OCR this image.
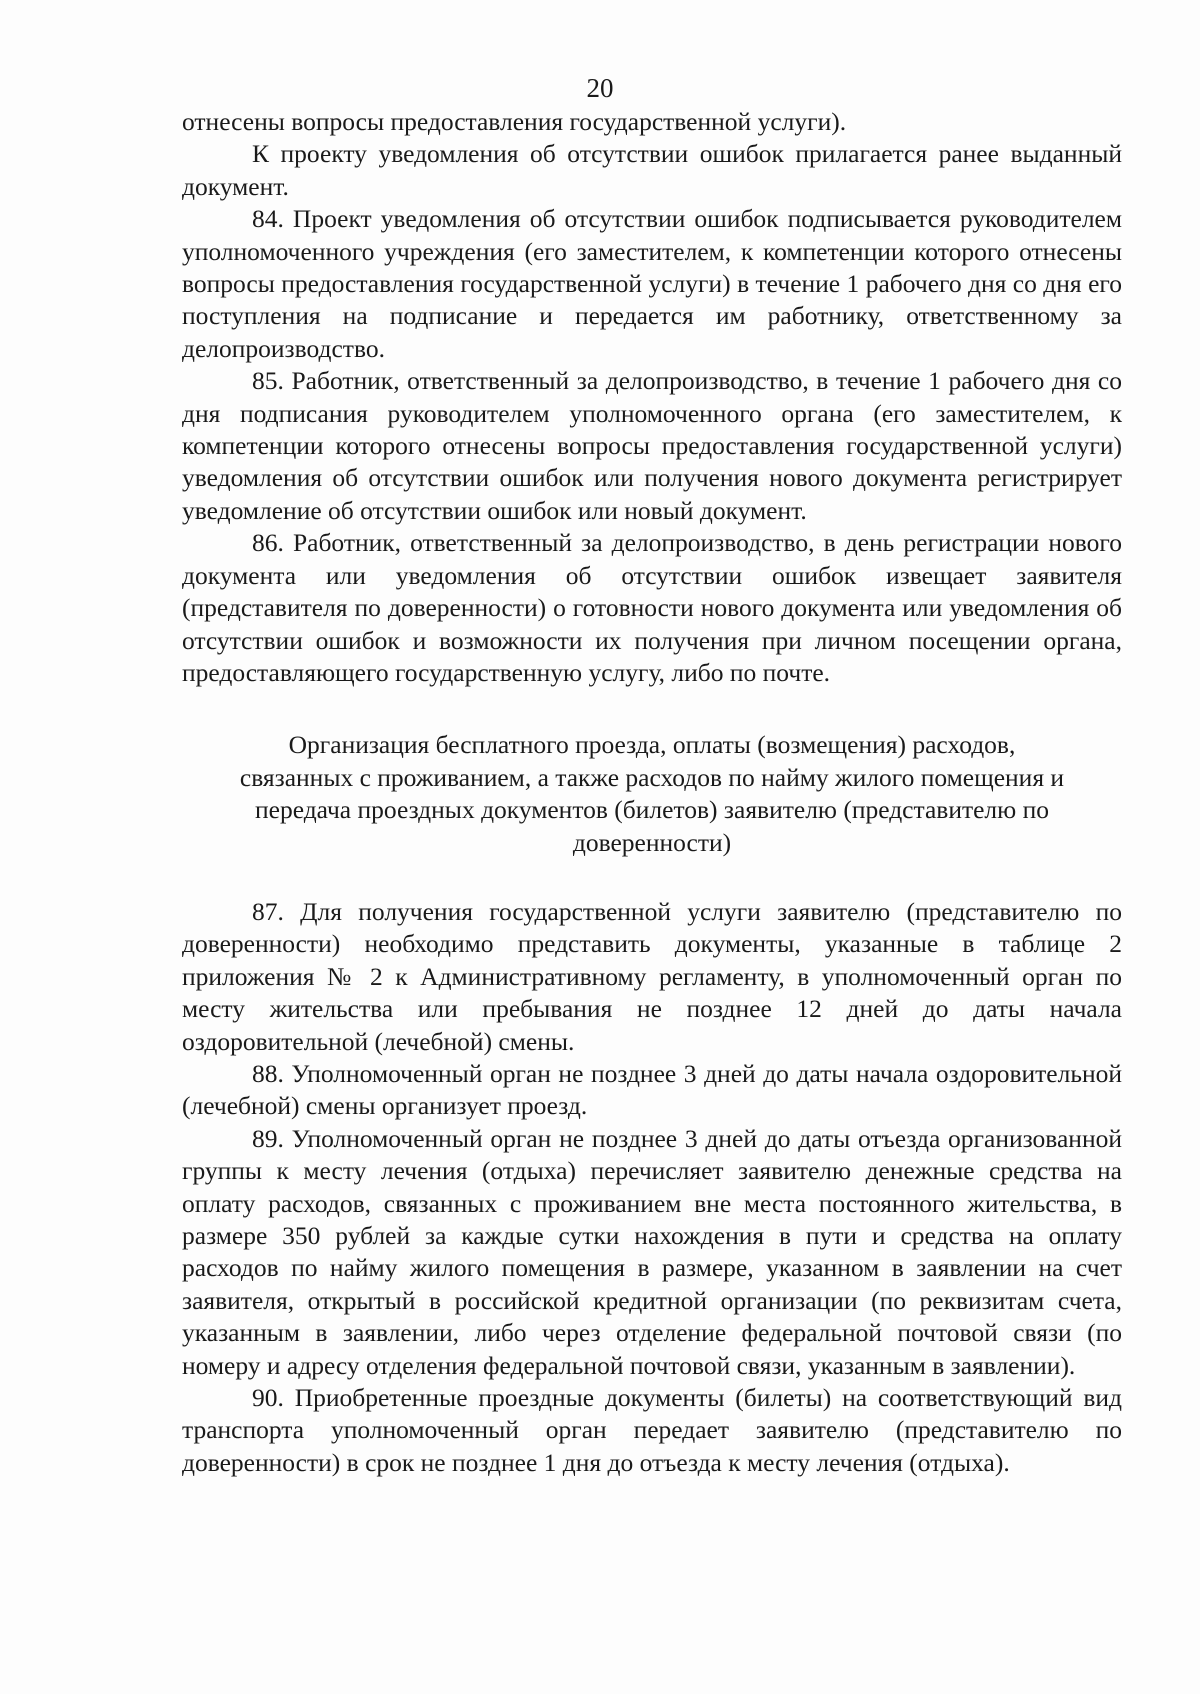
20

отнесены вопросы предоставления государственной услуги).

К проекту уведомления об отсутствии ошибок прилагается ранее выданный документ.

84. Проект уведомления об отсутствии ошибок подписывается руководителем уполномоченного учреждения (его заместителем, к компетенции которого отнесены вопросы предоставления государственной услуги) в течение 1 рабочего дня со дня его поступления на подписание и передается им работнику, ответственному за делопроизводство.

85. Работник, ответственный за делопроизводство, в течение 1 рабочего дня со дня подписания руководителем уполномоченного органа (его заместителем, к компетенции которого отнесены вопросы предоставления государственной услуги) уведомления об отсутствии ошибок или получения нового документа регистрирует уведомление об отсутствии ошибок или новый документ.

86. Работник, ответственный за делопроизводство, в день регистрации нового документа или уведомления об отсутствии ошибок извещает заявителя (представителя по доверенности) о готовности нового документа или уведомления об отсутствии ошибок и возможности их получения при личном посещении органа, предоставляющего государственную услугу, либо по почте.

Организация бесплатного проезда, оплаты (возмещения) расходов, связанных с проживанием, а также расходов по найму жилого помещения и передача проездных документов (билетов) заявителю (представителю по доверенности)

87. Для получения государственной услуги заявителю (представителю по доверенности) необходимо представить документы, указанные в таблице 2 приложения № 2 к Административному регламенту, в уполномоченный орган по месту жительства или пребывания не позднее 12 дней до даты начала оздоровительной (лечебной) смены.

88. Уполномоченный орган не позднее 3 дней до даты начала оздоровительной (лечебной) смены организует проезд.

89. Уполномоченный орган не позднее 3 дней до даты отъезда организованной группы к месту лечения (отдыха) перечисляет заявителю денежные средства на оплату расходов, связанных с проживанием вне места постоянного жительства, в размере 350 рублей за каждые сутки нахождения в пути и средства на оплату расходов по найму жилого помещения в размере, указанном в заявлении на счет заявителя, открытый в российской кредитной организации (по реквизитам счета, указанным в заявлении, либо через отделение федеральной почтовой связи (по номеру и адресу отделения федеральной почтовой связи, указанным в заявлении).

90. Приобретенные проездные документы (билеты) на соответствующий вид транспорта уполномоченный орган передает заявителю (представителю по доверенности) в срок не позднее 1 дня до отъезда к месту лечения (отдыха).
